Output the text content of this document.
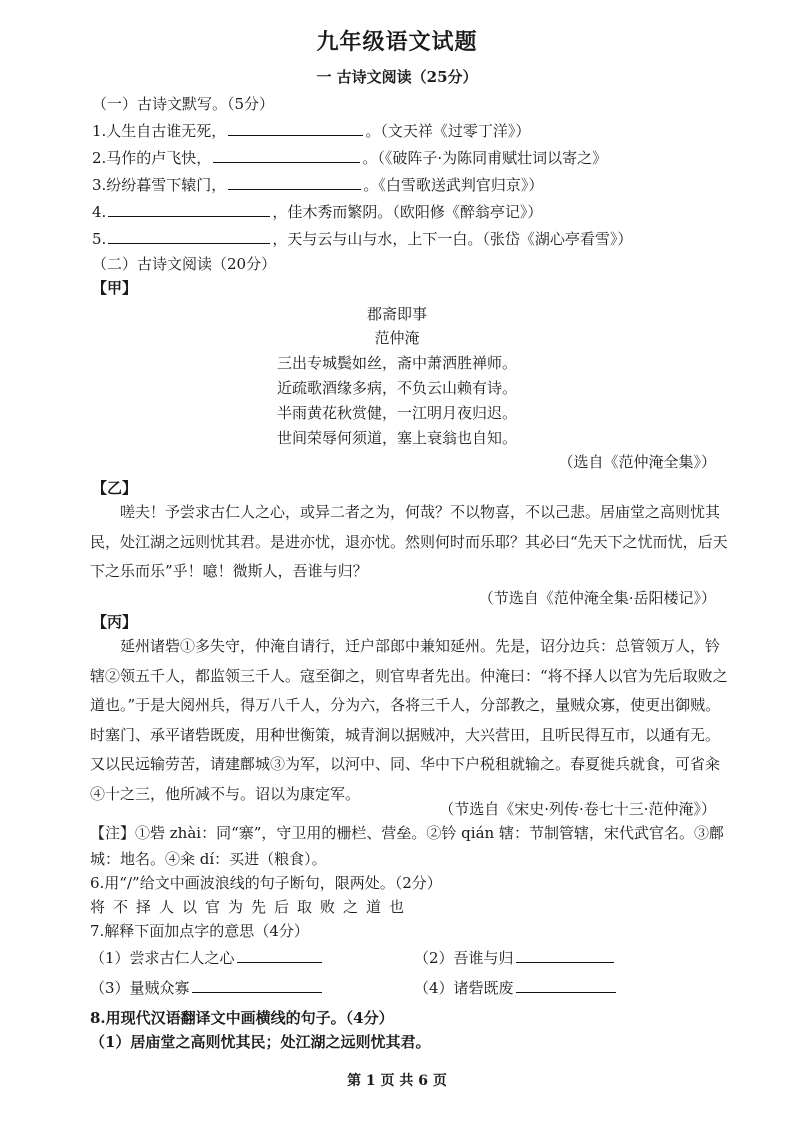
九年级语文试题
一 古诗文阅读（25分）
（一）古诗文默写。（5分）
1.人生自古谁无死，	。（文天祥《过零丁洋》）
2.马作的卢飞快，	。（《破阵子·为陈同甫赋壮词以寄之》
3.纷纷暮雪下辕门，	。《白雪歌送武判官归京》）
4.	，佳木秀而繁阴。（欧阳修《醉翁亭记》）
5.	，天与云与山与水，上下一白。（张岱《湖心亭看雪》）
（二）古诗文阅读（20分）
【甲】
郡斋即事
范仲淹
三出专城鬓如丝，斋中萧洒胜禅师。
近疏歌酒缘多病，不负云山赖有诗。
半雨黄花秋赏健，一江明月夜归迟。
世间荣辱何须道，塞上衰翁也自知。
（选自《范仲淹全集》）
【乙】
嗟夫！予尝求古仁人之心，或异二者之为，何哉？不以物喜，不以己悲。居庙堂之高则忧其民，处江湖之远则忧其君。是进亦忧，退亦忧。然则何时而乐耶？其必曰“先天下之忧而忧，后天下之乐而乐”乎！噫！微斯人，吾谁与归？
（节选自《范仲淹全集·岳阳楼记》）
【丙】
延州诸砦①多失守，仲淹自请行，迁户部郎中兼知延州。先是，诏分边兵：总管领万人，钤辖②领五千人，都监领三千人。寇至御之，则官卑者先出。仲淹曰：“将不择人以官为先后取败之道也。”于是大阅州兵，得万八千人，分为六，各将三千人，分部教之，量贼众寡，使更出御贼。时塞门、承平诸砦既废，用种世衡策，城青涧以据贼冲，大兴营田，且听民得互市，以通有无。又以民远输劳苦，请建鄜城③为军，以河中、同、华中下户税租就输之。春夏徙兵就食，可省籴④十之三，他所减不与。诏以为康定军。
（节选自《宋史·列传·卷七十三·范仲淹》）
【注】①砦 zhài：同“寨”，守卫用的栅栏、营垒。②钤 qián 辖：节制管辖，宋代武官名。③鄜城：地名。④籴 dí：买进（粮食）。
6.用“/”给文中画波浪线的句子断句，限两处。（2分）
将不择人以官为先后取败之道也
7.解释下面加点字的意思（4分）
（1）尝求古仁人之心	（2）吾谁与归
（3）量贼众寡	（4）诸砦既废
8.用现代汉语翻译文中画横线的句子。（4分）
（1）居庙堂之高则忧其民；处江湖之远则忧其君。
第 1 页 共 6 页
